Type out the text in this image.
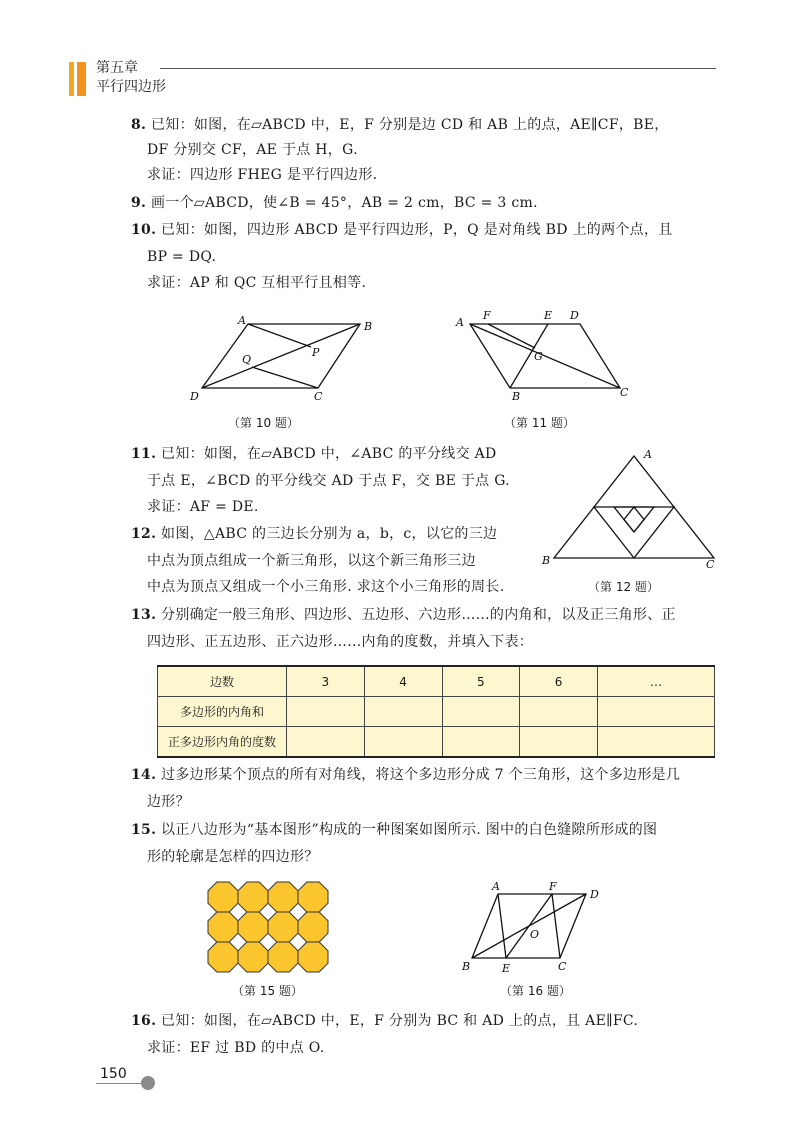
第五章
平行四边形
8. 已知：如图，在▱ABCD 中，E，F 分别是边 CD 和 AB 上的点，AE∥CF，BE，
DF 分别交 CF，AE 于点 H，G.
求证：四边形 FHEG 是平行四边形.
9. 画一个▱ABCD，使∠B = 45°，AB = 2 cm，BC = 3 cm.
10. 已知：如图，四边形 ABCD 是平行四边形，P，Q 是对角线 BD 上的两个点，且
BP = DQ.
求证：AP 和 QC 互相平行且相等.
A	B
C
D
P
Q
（第 10 题）
A
F	E D
G
B	C
（第 11 题）
11. 已知：如图，在▱ABCD 中，∠ABC 的平分线交 AD
于点 E，∠BCD 的平分线交 AD 于点 F，交 BE 于点 G.
求证：AF = DE.
12. 如图，△ABC 的三边长分别为 a，b，c，以它的三边
中点为顶点组成一个新三角形，以这个新三角形三边
中点为顶点又组成一个小三角形. 求这个小三角形的周长.
A
B	C
（第 12 题）
13. 分别确定一般三角形、四边形、五边形、六边形……的内角和，以及正三角形、正
四边形、正五边形、正六边形……内角的度数，并填入下表：
边数	3	4	5	6	…
多边形的内角和					
正多边形内角的度数					
14. 过多边形某个顶点的所有对角线，将这个多边形分成 7 个三角形，这个多边形是几
边形？
15. 以正八边形为“基本图形”构成的一种图案如图所示. 图中的白色缝隙所形成的图
形的轮廓是怎样的四边形？
（第 15 题）
A	F
D
O
B	E	C
（第 16 题）
16. 已知：如图，在▱ABCD 中，E，F 分别为 BC 和 AD 上的点，且 AE∥FC.
求证：EF 过 BD 的中点 O.
150
